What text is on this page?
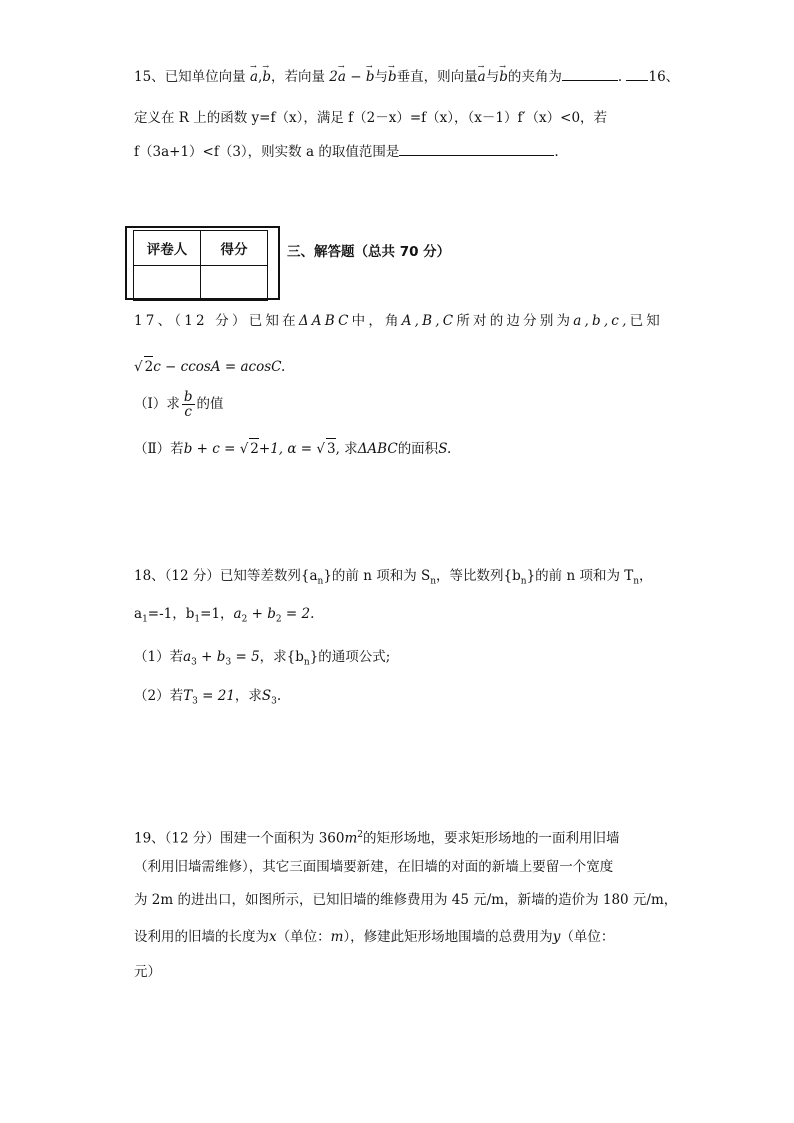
15、已知单位向量 → a,→ b，若向量 2→ a − → b与→ b垂直，则向量→ a与→ b的夹角为	. 16、
定义在 R 上的函数 y=f（x），满足 f（2－x）=f（x），（x－1）f′（x）<0，若
f（3a+1）<f（3），则实数 a 的取值范围是	.
评卷人	得分
		三、解答题（总共 70 分）
17、（12 分）已知在ΔABC中，角A,B,C所对的边分别为a,b,c,已知
√ 2c − ccosA = acosC.
（Ⅰ）求 $\frac{b}{c}$ 的值
（Ⅱ）若b + c = √ 2+1, α = √ 3, 求ΔABC的面积S.
18、（12 分）已知等差数列$\{a_n\}$的前 n 项和为 $S_n$，等比数列$\{b_n\}$的前 n 项和为 $T_n$，
$a_1=-1$，$b_1=1$，$a_2 + b_2 = 2$.
（1）若$a_3 + b_3 = 5$，求$\{b_n\}$的通项公式;
（2）若$T_3 = 21$，求$S_3$.
19、（12 分）围建一个面积为 $360m^2$的矩形场地，要求矩形场地的一面利用旧墙
（利用旧墙需维修），其它三面围墙要新建，在旧墙的对面的新墙上要留一个宽度
为 2m 的进出口，如图所示，已知旧墙的维修费用为 45 元/m，新墙的造价为 180 元/m，
设利用的旧墙的长度为x（单位：m），修建此矩形场地围墙的总费用为y（单位：
元）
